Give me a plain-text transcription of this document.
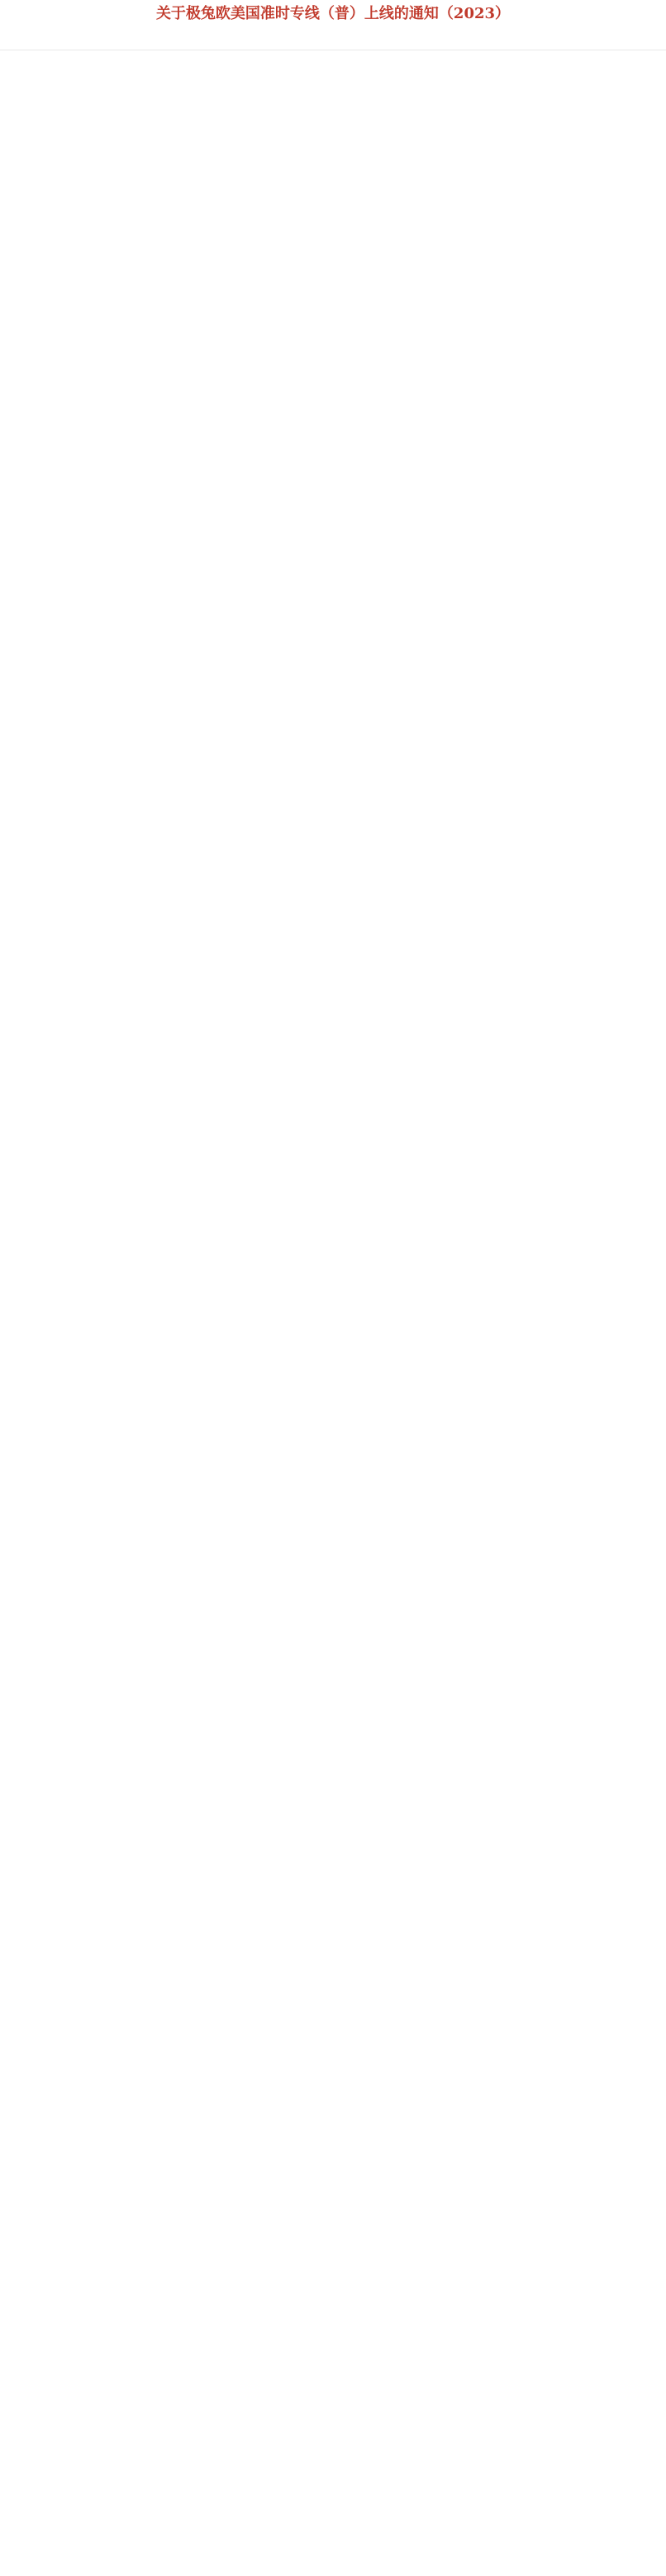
关于极兔欧美国准时专线（普）上线的通知（2023）
